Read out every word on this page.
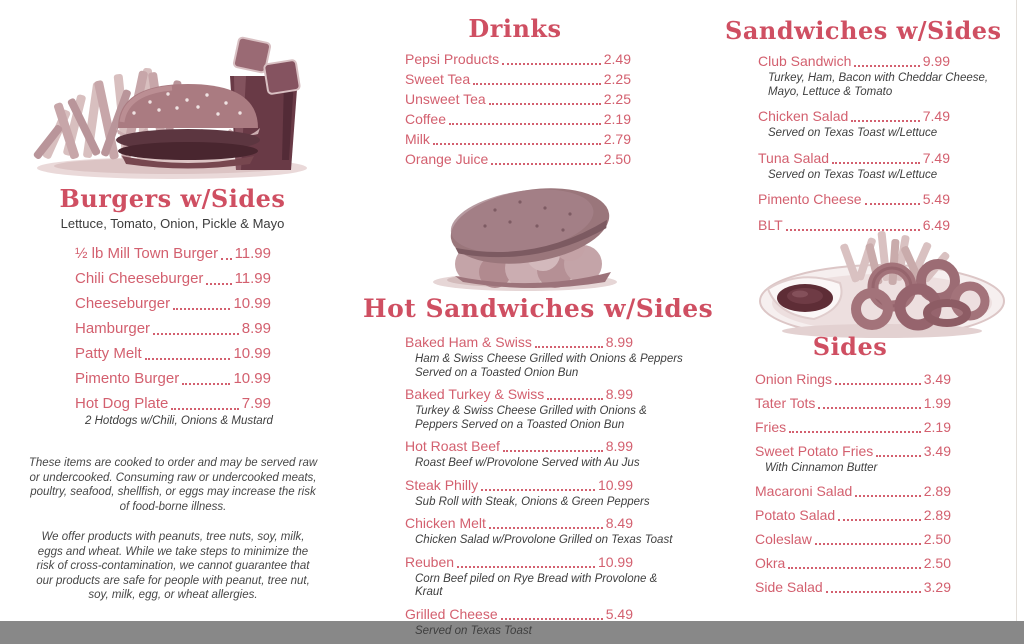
Burgers w/Sides
Lettuce, Tomato, Onion, Pickle & Mayo
½ lb Mill Town Burger 11.99
Chili Cheeseburger 11.99
Cheeseburger	10.99
Hamburger	8.99
Patty Melt	10.99
Pimento Burger	10.99
Hot Dog Plate	7.99
2 Hotdogs w/Chili, Onions & Mustard

These items are cooked to order and may be served raw or undercooked. Consuming raw or undercooked meats, poultry, seafood, shellfish, or eggs may increase the risk of food-borne illness.

We offer products with peanuts, tree nuts, soy, milk, eggs and wheat. While we take steps to minimize the risk of cross-contamination, we cannot guarantee that our products are safe for people with peanut, tree nut, soy, milk, egg, or wheat allergies.

Drinks
Pepsi Products	2.49
Sweet Tea	2.25
Unsweet Tea	2.25
Coffee	2.19
Milk	2.79
Orange Juice	2.50
Hot Sandwiches w/Sides
Baked Ham & Swiss	8.99
Ham & Swiss Cheese Grilled with Onions & Peppers Served on a Toasted Onion Bun
Baked Turkey & Swiss	8.99
Turkey & Swiss Cheese Grilled with Onions & Peppers Served on a Toasted Onion Bun
Hot Roast Beef	8.99
Roast Beef w/Provolone Served with Au Jus
Steak Philly	10.99
Sub Roll with Steak, Onions & Green Peppers
Chicken Melt	8.49
Chicken Salad w/Provolone Grilled on Texas Toast
Reuben	10.99
Corn Beef piled on Rye Bread with Provolone & Kraut
Grilled Cheese	5.49
Served on Texas Toast
Sandwiches w/Sides
Club Sandwich	9.99
Turkey, Ham, Bacon with Cheddar Cheese, Mayo, Lettuce & Tomato
Chicken Salad	7.49
Served on Texas Toast w/Lettuce
Tuna Salad	7.49
Served on Texas Toast w/Lettuce
Pimento Cheese	5.49
BLT	6.49
Sides
Onion Rings	3.49
Tater Tots	1.99
Fries	2.19
Sweet Potato Fries	3.49
With Cinnamon Butter
Macaroni Salad	2.89
Potato Salad	2.89
Coleslaw	2.50
Okra	2.50
Side Salad	3.29
